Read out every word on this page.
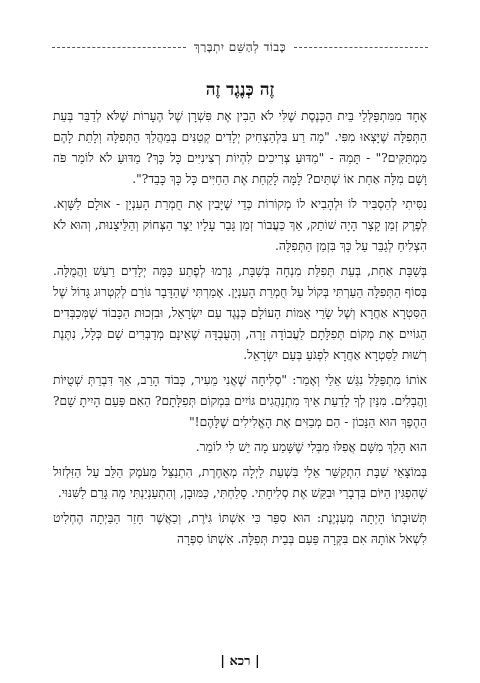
כָּבוֹד לְהַשֵּׁם יִתְבָּרַךְ
זֶה כְּנֶגֶד זֶה

אֶחָד מִמִּתְפַּלְּלֵי בֵּית הַכְּנֶסֶת שֶׁלִּי לֹא הֵבִין אֶת פִּשְׁרָן שֶׁל הֶעָרוֹת שֶׁלֹּא לְדַבֵּר בְּעֵת הַתְּפִלָּה שֶׁיָּצְאוּ מִפִּי. "מָה רַע בִּלְהַצְחִיק יְלָדִים קְטַנִּים בְּמַהֲלַךְ הַתְּפִלָּה וְלָתֵת לָהֶם מַמְתַּקִּים?" - תָּמַהּ - "מַדּוּעַ צְרִיכִים לִהְיוֹת רְצִינִיִּים כָּל כָּךְ? מַדּוּעַ לֹא לוֹמַר פֹּה וָשָׁם מִלָּה אַחַת אוֹ שְׁתַּיִם? לָמָּה לָקַחַת אֶת הַחַיִּים כָּל כָּךְ כָּבֵד?".

נִסִּיתִי לְהַסְבִּיר לוֹ וּלְהָבִיא לוֹ מְקוֹרוֹת כְּדֵי שֶׁיָּבִין אֶת חֻמְרַת הָעִנְיָן - אוּלָם לַשָּׁוְא. לְפֶרֶק זְמַן קָצָר הָיָה שׁוֹתֵק, אַךְ כַּעֲבוֹר זְמַן גָּבַר עָלָיו יֵצֶר הַצְּחוֹק וְהַלֵּיצָנוּת, וְהוּא לֹא הִצְלִיחַ לְגַבֵּר עַל כָּךְ בִּזְמַן הַתְּפִלָּה.

בְּשַׁבָּת אַחַת, בְּעֵת תְּפִלַּת מִנְחָה בְּשַׁבָּת, גָּרְמוּ לְפֶתַע כַּמָּה יְלָדִים רַעַשׁ וַהֲמֻלָּה. בְּסוֹף הַתְּפִלָּה הֵעַרְתִּי בְּקוֹל עַל חֻמְרַת הָעִנְיָן. אָמַרְתִּי שֶׁהַדָּבָר גּוֹרֵם לְקִטְרוּג גָּדוֹל שֶׁל הַסִּטְרָא אַחֲרָא וְשֶׁל שָׂרֵי אֻמּוֹת הָעוֹלָם כְּנֶגֶד עַם יִשְׂרָאֵל, וּבִזְכוּת הַכָּבוֹד שֶׁמְּכַבְּדִים הַגּוֹיִים אֶת מְקוֹם תְּפִלָּתָם לַעֲבוֹדָה זָרָה, וְהָעֻבְדָּה שֶׁאֵינָם מְדַבְּרִים שָׁם כְּלָל, נִתֶּנֶת רְשׁוּת לַסִּטְרָא אַחֲרָא לִפְגֹּעַ בְּעַם יִשְׂרָאֵל.

אוֹתוֹ מִתְפַּלֵּל נִגַּשׁ אֵלַי וְאָמַר: "סְלִיחָה שֶׁאֲנִי מֵעִיר, כְּבוֹד הָרַב, אַךְ דִּבְרַתְּ שְׁטֻיּוֹת וַהֲבָלִים. מִנַּיִן לְךָ לָדַעַת אֵיךְ מִתְנַהֲגִים גּוֹיִים בִּמְקוֹם תְּפִלָּתָם? הַאִם פַּעַם הָיִיתָ שָׁם? הַהֶפֶךְ הוּא הַנָּכוֹן - הֵם מְבַזִּים אֶת הָאֱלִילִים שֶׁלָּהֶם!"

הוּא הָלַךְ מִשָּׁם אֲפִלּוּ מִבְּלִי שֶׁשָּׁמַע מָה יֵשׁ לִי לוֹמַר.

בְּמוֹצָאֵי שַׁבָּת הִתְקַשֵּׁר אֵלַי בִּשְׁעַת לַיְלָה מְאֻחֶרֶת, הִתְנַצֵּל מֵעֹמֶק הַלֵּב עַל הַזִּלְזוּל שֶׁהִפְגִּין הַיּוֹם בִּדְבָרַי וּבִקֵּשׁ אֶת סְלִיחָתִי. סָלַחְתִּי, כַּמּוּבָן, וְהִתְעַנְיַנְתִּי מָה גָּרַם לַשִּׁנּוּי.

תְּשׁוּבָתוֹ הָיְתָה מְעַנְיֶנֶת: הוּא סִפֵּר כִּי אִשְׁתּוֹ גִּיֹּרֶת, וְכַאֲשֶׁר חָזַר הַבַּיְתָה הֶחְלִיט לִשְׁאֹל אוֹתָהּ אִם בִּקְּרָה פַּעַם בְּבֵית תְּפִלָּה. אִשְׁתּוֹ סִפְּרָה

| רכא |
